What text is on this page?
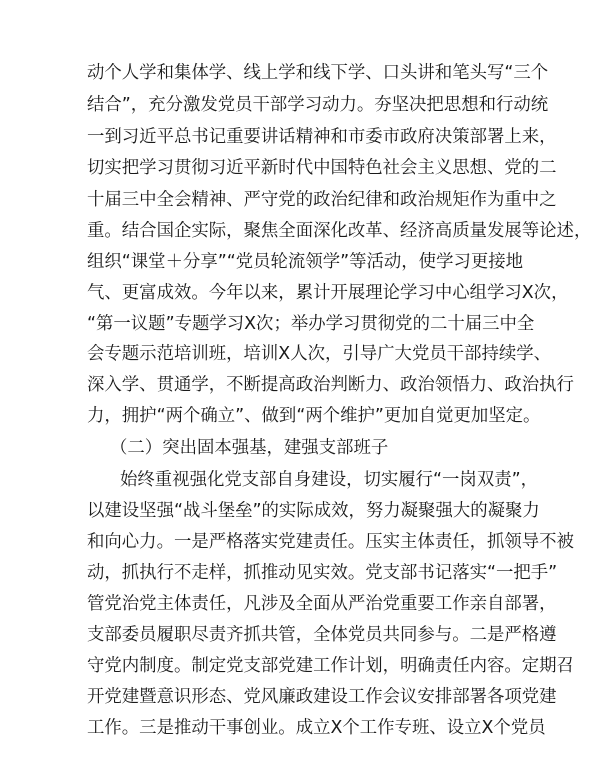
动个人学和集体学、线上学和线下学、口头讲和笔头写“三个
结合”，充分激发党员干部学习动力。夯坚决把思想和行动统
一到习近平总书记重要讲话精神和市委市政府决策部署上来，
切实把学习贯彻习近平新时代中国特色社会主义思想、党的二
十届三中全会精神、严守党的政治纪律和政治规矩作为重中之
重。结合国企实际，聚焦全面深化改革、经济高质量发展等论述，
组织“课堂＋分享”“党员轮流领学”等活动，使学习更接地
气、更富成效。今年以来，累计开展理论学习中心组学习X次，
“第一议题”专题学习X次；举办学习贯彻党的二十届三中全
会专题示范培训班，培训X人次，引导广大党员干部持续学、
深入学、贯通学，不断提高政治判断力、政治领悟力、政治执行
力，拥护“两个确立”、做到“两个维护”更加自觉更加坚定。
（二）突出固本强基，建强支部班子
始终重视强化党支部自身建设，切实履行“一岗双责”，
以建设坚强“战斗堡垒”的实际成效，努力凝聚强大的凝聚力
和向心力。一是严格落实党建责任。压实主体责任，抓领导不被
动，抓执行不走样，抓推动见实效。党支部书记落实“一把手”
管党治党主体责任，凡涉及全面从严治党重要工作亲自部署，
支部委员履职尽责齐抓共管，全体党员共同参与。二是严格遵
守党内制度。制定党支部党建工作计划，明确责任内容。定期召
开党建暨意识形态、党风廉政建设工作会议安排部署各项党建
工作。三是推动干事创业。成立X个工作专班、设立X个党员
